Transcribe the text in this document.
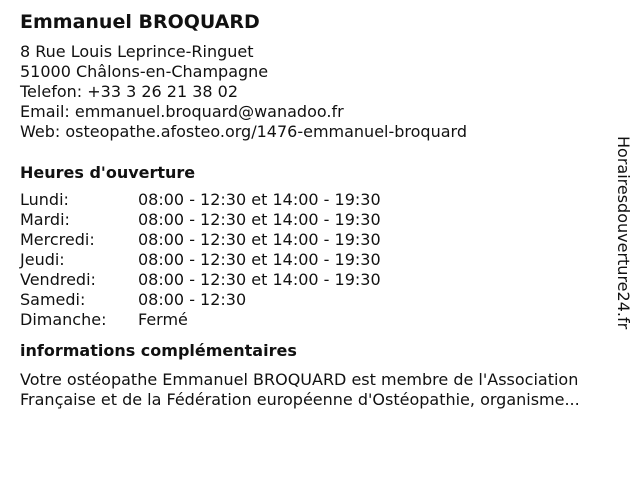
Emmanuel BROQUARD
8 Rue Louis Leprince-Ringuet
51000 Châlons-en-Champagne
Telefon: +33 3 26 21 38 02
Email: emmanuel.broquard@wanadoo.fr
Web: osteopathe.afosteo.org/1476-emmanuel-broquard
Heures d'ouverture
Lundi:	08:00 - 12:30 et 14:00 - 19:30
Mardi:	08:00 - 12:30 et 14:00 - 19:30
Mercredi:	08:00 - 12:30 et 14:00 - 19:30
Jeudi:	08:00 - 12:30 et 14:00 - 19:30
Vendredi:	08:00 - 12:30 et 14:00 - 19:30
Samedi:	08:00 - 12:30
Dimanche:	Fermé
informations complémentaires
Votre ostéopathe Emmanuel BROQUARD est membre de l'Association
Française et de la Fédération européenne d'Ostéopathie, organisme...
Horairesdouverture24.fr
